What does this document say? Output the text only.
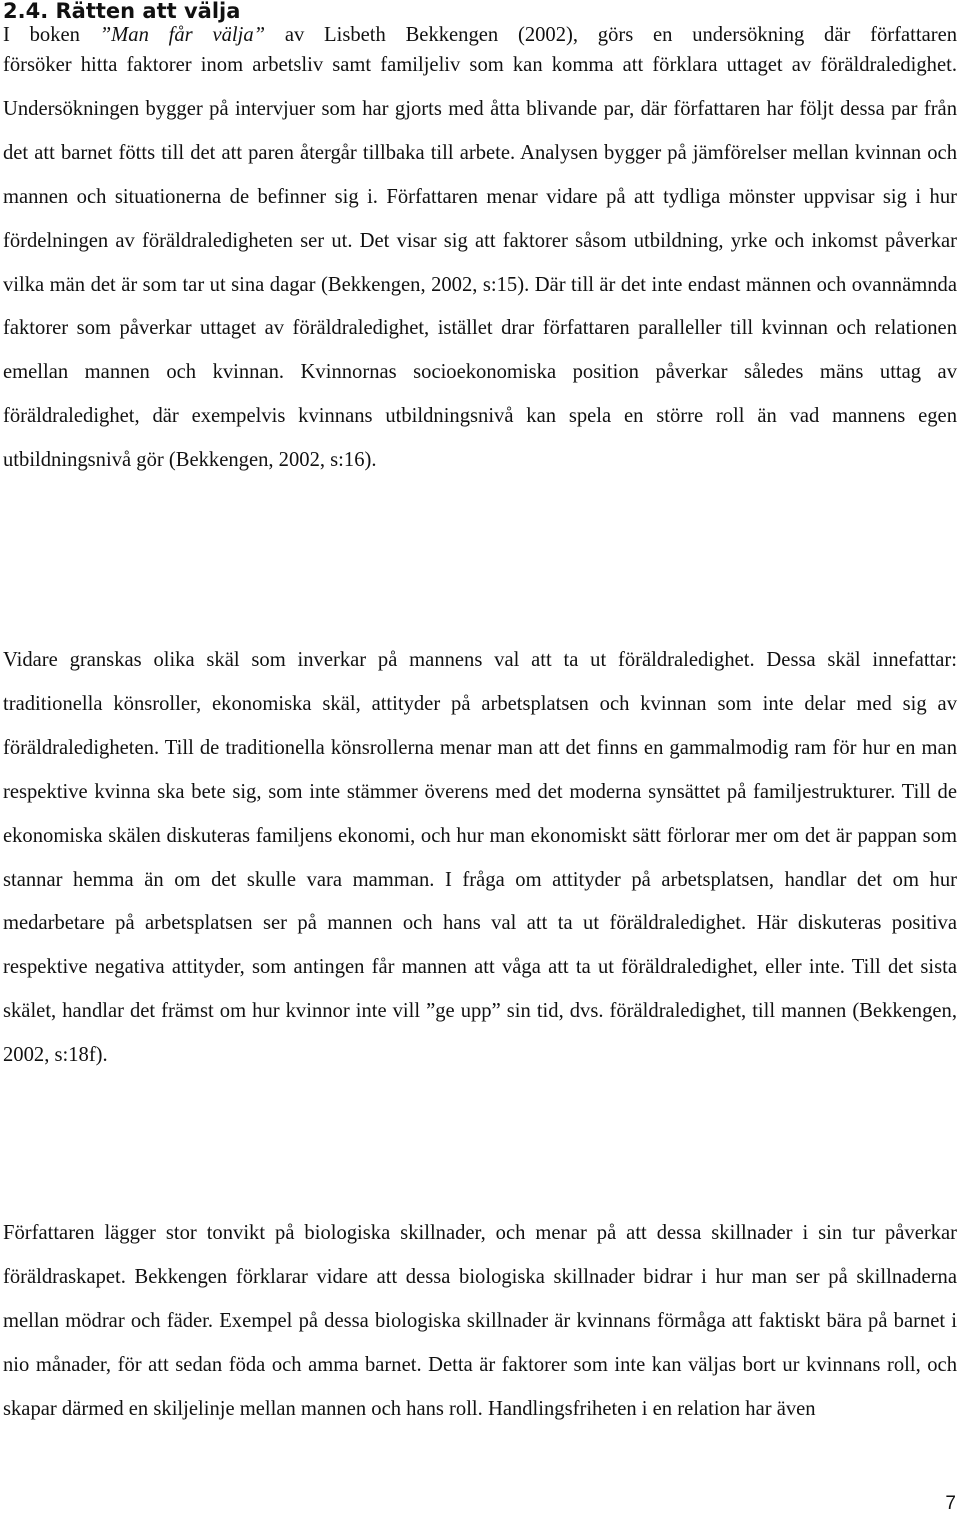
2.4. Rätten att välja
I boken ”Man får välja” av Lisbeth Bekkengen (2002), görs en undersökning där författaren
försöker hitta faktorer inom arbetsliv samt familjeliv som kan komma att förklara uttaget av föräldraledighet. Undersökningen bygger på intervjuer som har gjorts med åtta blivande par, där författaren har följt dessa par från det att barnet fötts till det att paren återgår tillbaka till arbete. Analysen bygger på jämförelser mellan kvinnan och mannen och situationerna de befinner sig i. Författaren menar vidare på att tydliga mönster uppvisar sig i hur fördelningen av föräldraledigheten ser ut. Det visar sig att faktorer såsom utbildning, yrke och inkomst påverkar vilka män det är som tar ut sina dagar (Bekkengen, 2002, s:15). Där till är det inte endast männen och ovannämnda faktorer som påverkar uttaget av föräldraledighet, istället drar författaren paralleller till kvinnan och relationen emellan mannen och kvinnan. Kvinnornas socioekonomiska position påverkar således mäns uttag av föräldraledighet, där exempelvis kvinnans utbildningsnivå kan spela en större roll än vad mannens egen utbildningsnivå gör (Bekkengen, 2002, s:16).

Vidare granskas olika skäl som inverkar på mannens val att ta ut föräldraledighet. Dessa skäl innefattar: traditionella könsroller, ekonomiska skäl, attityder på arbetsplatsen och kvinnan som inte delar med sig av föräldraledigheten. Till de traditionella könsrollerna menar man att det finns en gammalmodig ram för hur en man respektive kvinna ska bete sig, som inte stämmer överens med det moderna synsättet på familjestrukturer. Till de ekonomiska skälen diskuteras familjens ekonomi, och hur man ekonomiskt sätt förlorar mer om det är pappan som stannar hemma än om det skulle vara mamman. I fråga om attityder på arbetsplatsen, handlar det om hur medarbetare på arbetsplatsen ser på mannen och hans val att ta ut föräldraledighet. Här diskuteras positiva respektive negativa attityder, som antingen får mannen att våga att ta ut föräldraledighet, eller inte. Till det sista skälet, handlar det främst om hur kvinnor inte vill ”ge upp” sin tid, dvs. föräldraledighet, till mannen (Bekkengen, 2002, s:18f).

Författaren lägger stor tonvikt på biologiska skillnader, och menar på att dessa skillnader i sin tur påverkar föräldraskapet. Bekkengen förklarar vidare att dessa biologiska skillnader bidrar i hur man ser på skillnaderna mellan mödrar och fäder. Exempel på dessa biologiska skillnader är kvinnans förmåga att faktiskt bära på barnet i nio månader, för att sedan föda och amma barnet. Detta är faktorer som inte kan väljas bort ur kvinnans roll, och skapar därmed en skiljelinje mellan mannen och hans roll. Handlingsfriheten i en relation har även

7
